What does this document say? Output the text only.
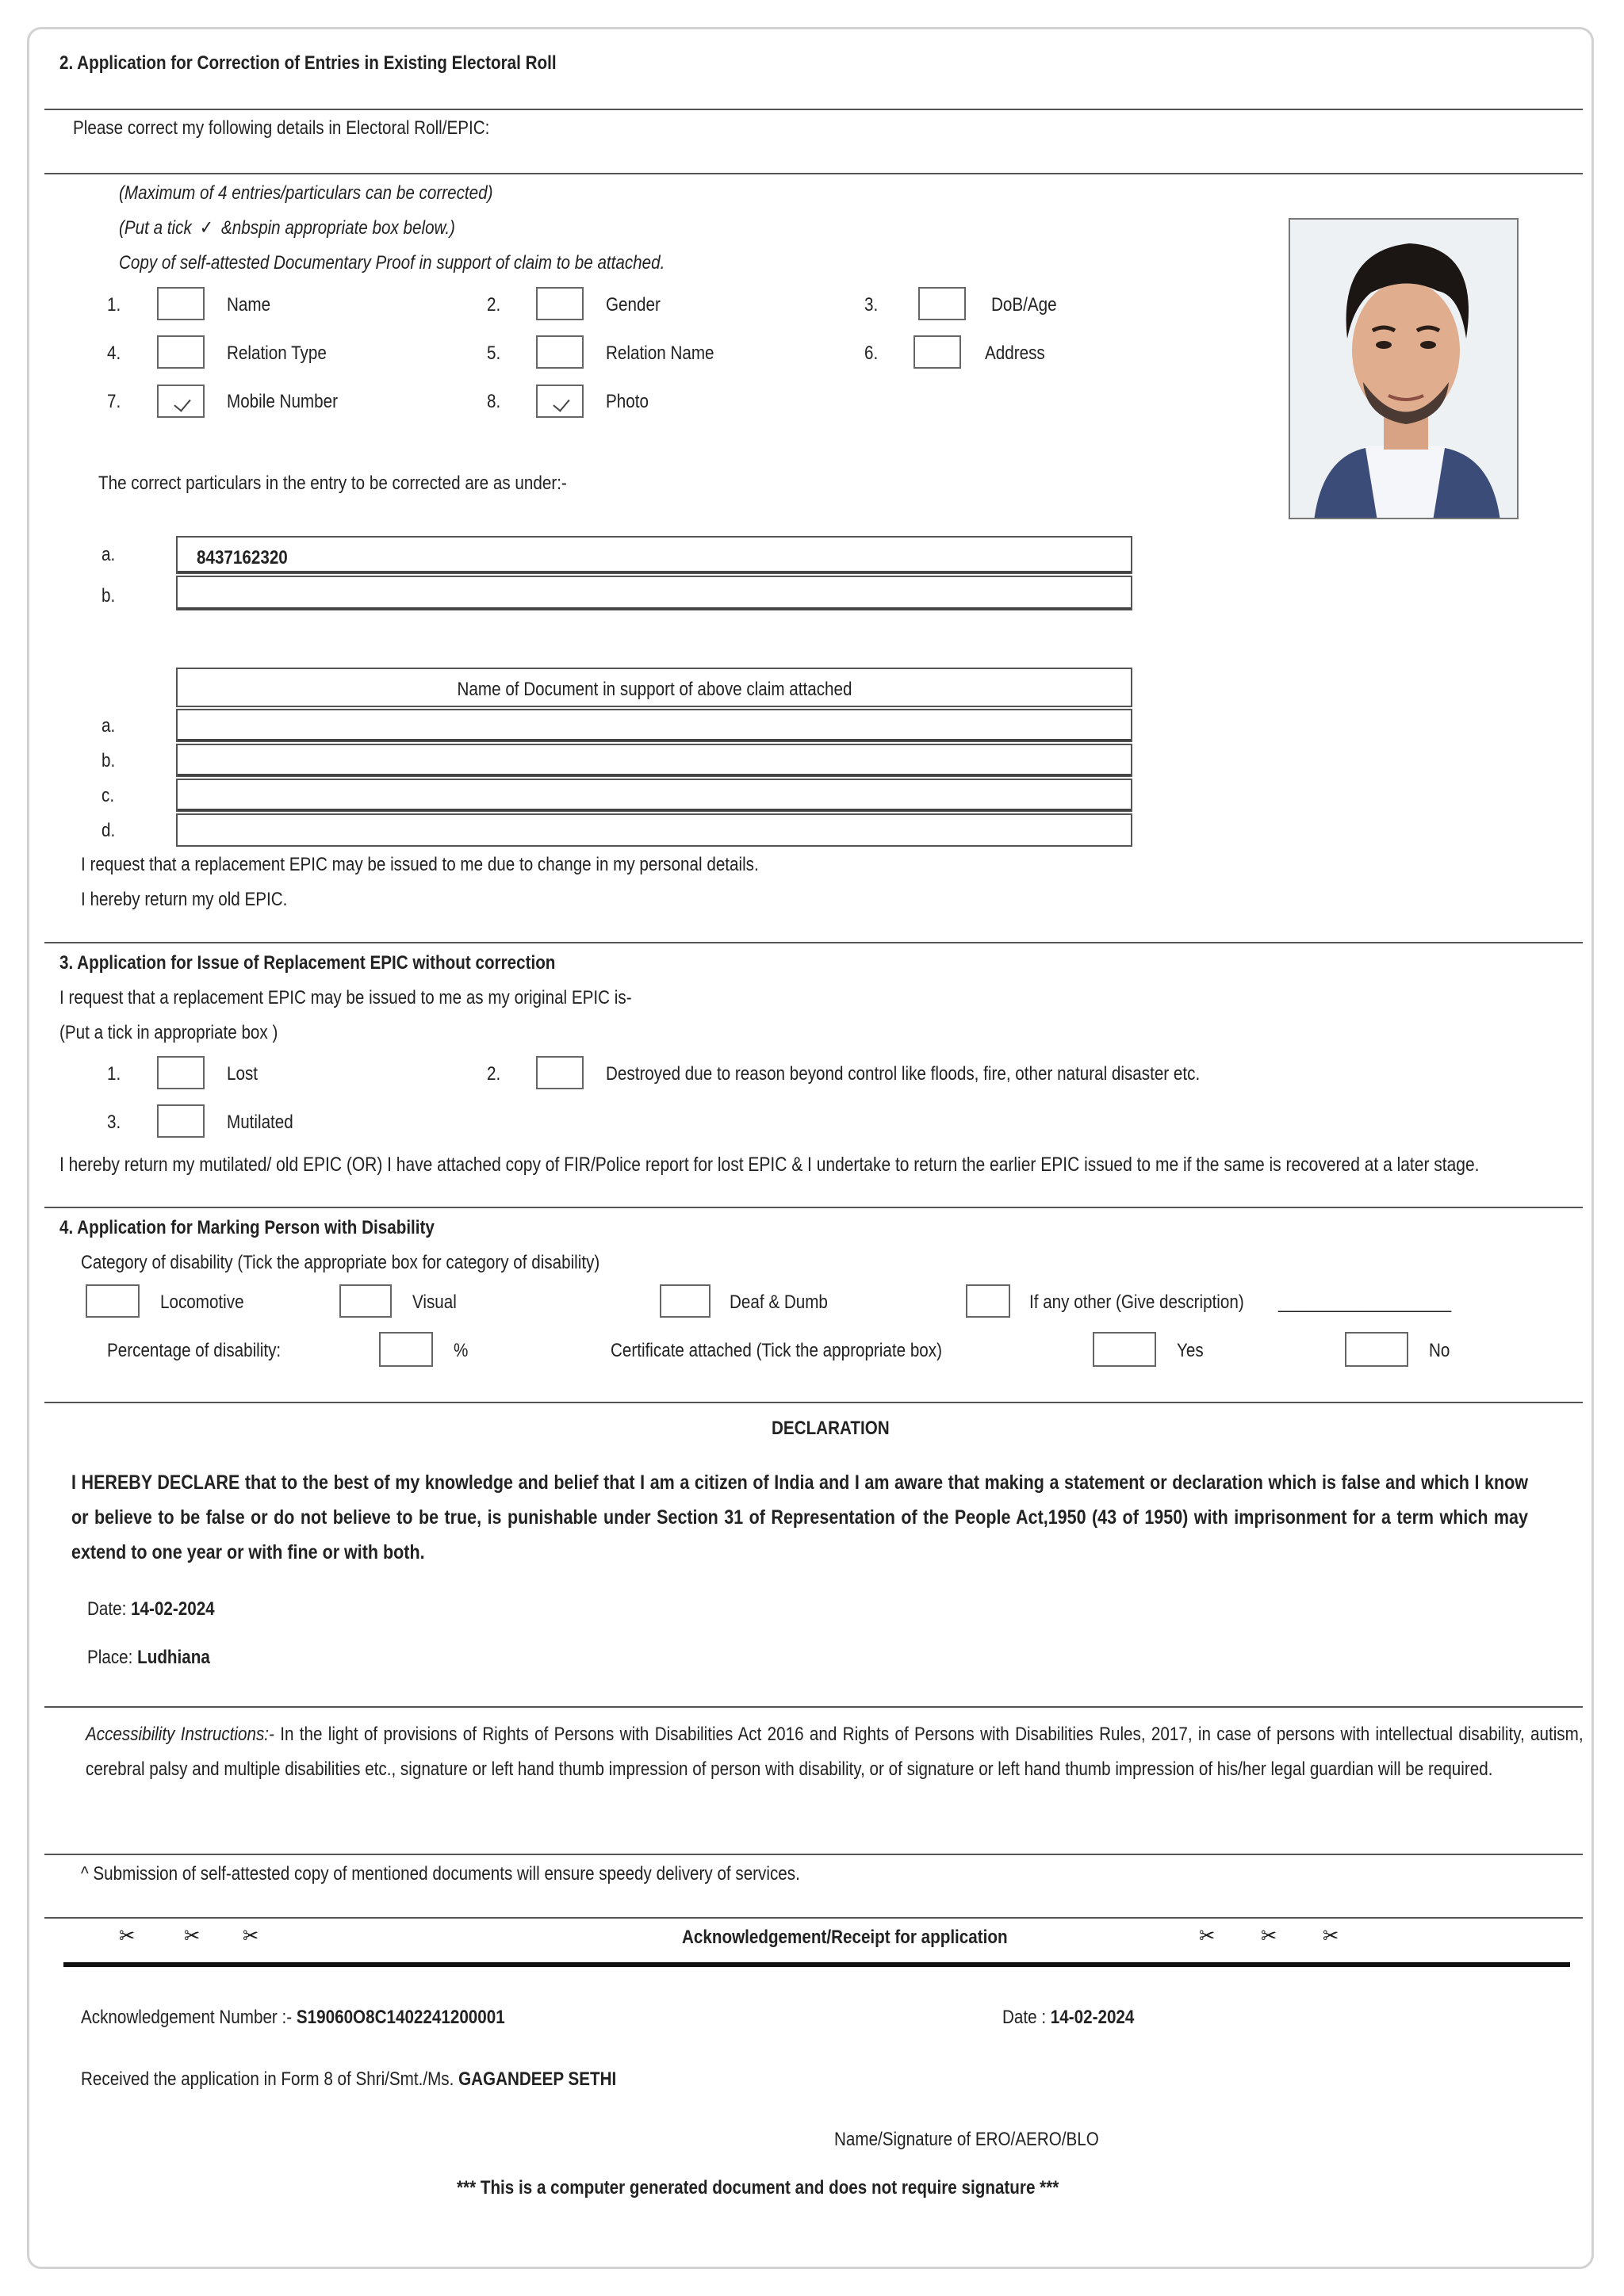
2. Application for Correction of Entries in Existing Electoral Roll
Please correct my following details in Electoral Roll/EPIC:
(Maximum of 4 entries/particulars can be corrected)
(Put a tick ✓ &nbspin appropriate box below.)
Copy of self-attested Documentary Proof in support of claim to be attached.
1.	Name	2.	Gender	3.	DoB/Age
4.	Relation Type	5.	Relation Name	6.	Address
7.	Mobile Number	8.	Photo
The correct particulars in the entry to be corrected are as under:-
a.	8437162320
b.
Name of Document in support of above claim attached
a.
b.
c.
d.
I request that a replacement EPIC may be issued to me due to change in my personal details.
I hereby return my old EPIC.
3. Application for Issue of Replacement EPIC without correction
I request that a replacement EPIC may be issued to me as my original EPIC is-
(Put a tick in appropriate box )
1.	Lost	2.	Destroyed due to reason beyond control like floods, fire, other natural disaster etc.
3.	Mutilated
I hereby return my mutilated/ old EPIC (OR) I have attached copy of FIR/Police report for lost EPIC & I undertake to return the earlier EPIC issued to me if the same is recovered at a later stage.
4. Application for Marking Person with Disability
Category of disability (Tick the appropriate box for category of disability)
Locomotive	Visual	Deaf & Dumb	If any other (Give description) ___________________
Percentage of disability:	%	Certificate attached (Tick the appropriate box)	Yes	No
DECLARATION
I HEREBY DECLARE that to the best of my knowledge and belief that I am a citizen of India and I am aware that making a statement or declaration which is false and which I know or believe to be false or do not believe to be true, is punishable under Section 31 of Representation of the People Act,1950 (43 of 1950) with imprisonment for a term which may extend to one year or with fine or with both.
Date: 14-02-2024
Place: Ludhiana
Accessibility Instructions:- In the light of provisions of Rights of Persons with Disabilities Act 2016 and Rights of Persons with Disabilities Rules, 2017, in case of persons with intellectual disability, autism, cerebral palsy and multiple disabilities etc., signature or left hand thumb impression of person with disability, or of signature or left hand thumb impression of his/her legal guardian will be required.
^ Submission of self-attested copy of mentioned documents will ensure speedy delivery of services.
✂ ✂ ✂	Acknowledgement/Receipt for application	✂ ✂ ✂
Acknowledgement Number :- S19060O8C1402241200001	Date : 14-02-2024
Received the application in Form 8 of Shri/Smt./Ms. GAGANDEEP SETHI
Name/Signature of ERO/AERO/BLO
*** This is a computer generated document and does not require signature ***
